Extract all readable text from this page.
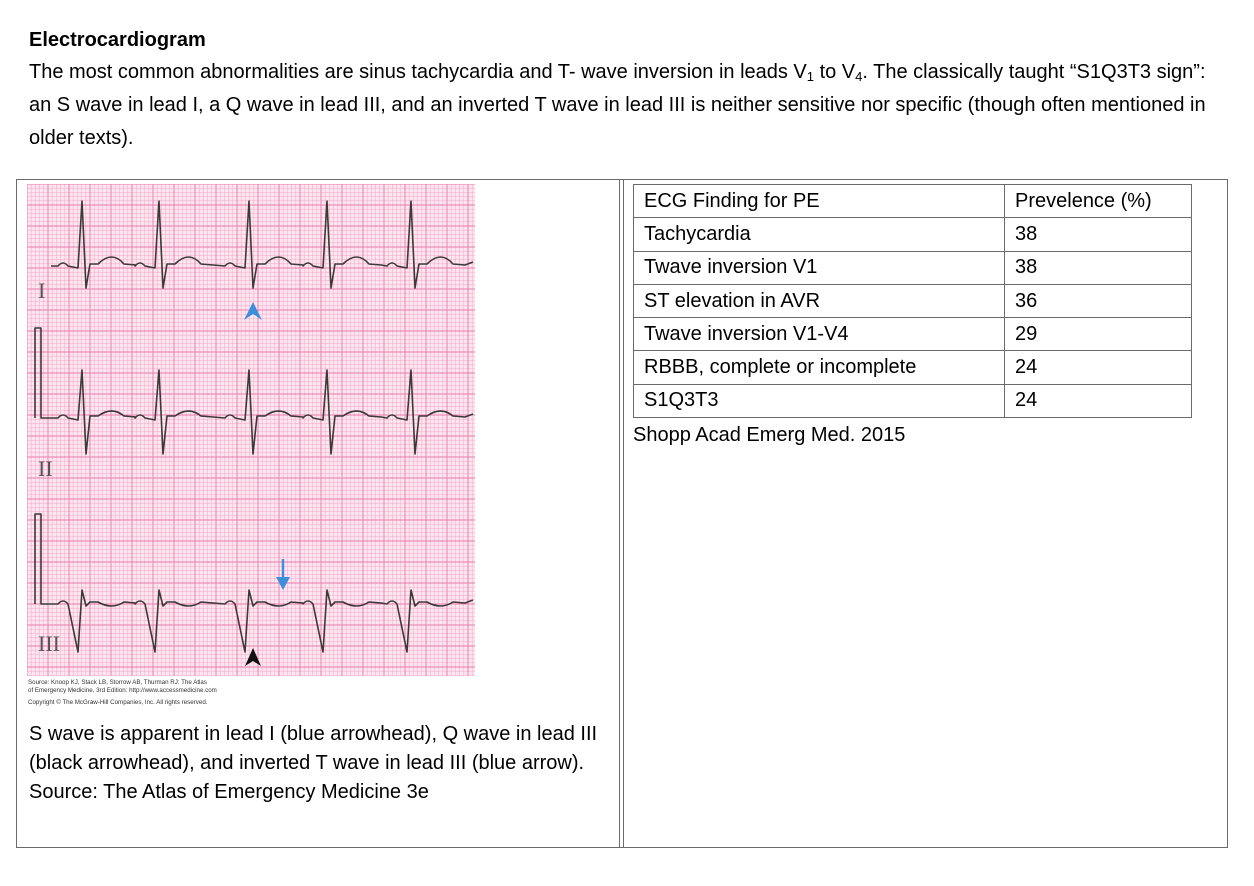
Electrocardiogram

The most common abnormalities are sinus tachycardia and T- wave inversion in leads $V_1$ to $V_4$. The classically taught “S1Q3T3 sign”: an S wave in lead I, a Q wave in lead III, and an inverted T wave in lead III is neither sensitive nor specific (though often mentioned in older texts).

I
II
III
Source: Knoop KJ, Stack LB, Storrow AB, Thurman RJ: The Atlas
of Emergency Medicine, 3rd Edition: http://www.accessmedicine.com
Copyright © The McGraw-Hill Companies, Inc. All rights reserved.

S wave is apparent in lead I (blue arrowhead), Q wave in lead III (black arrowhead), and inverted T wave in lead III (blue arrow). Source: The Atlas of Emergency Medicine 3e

ECG Finding for PE	Prevelence (%)
Tachycardia	38
Twave inversion V1	38
ST elevation in AVR	36
Twave inversion V1-V4	29
RBBB, complete or incomplete	24
S1Q3T3	24
Shopp Acad Emerg Med. 2015
